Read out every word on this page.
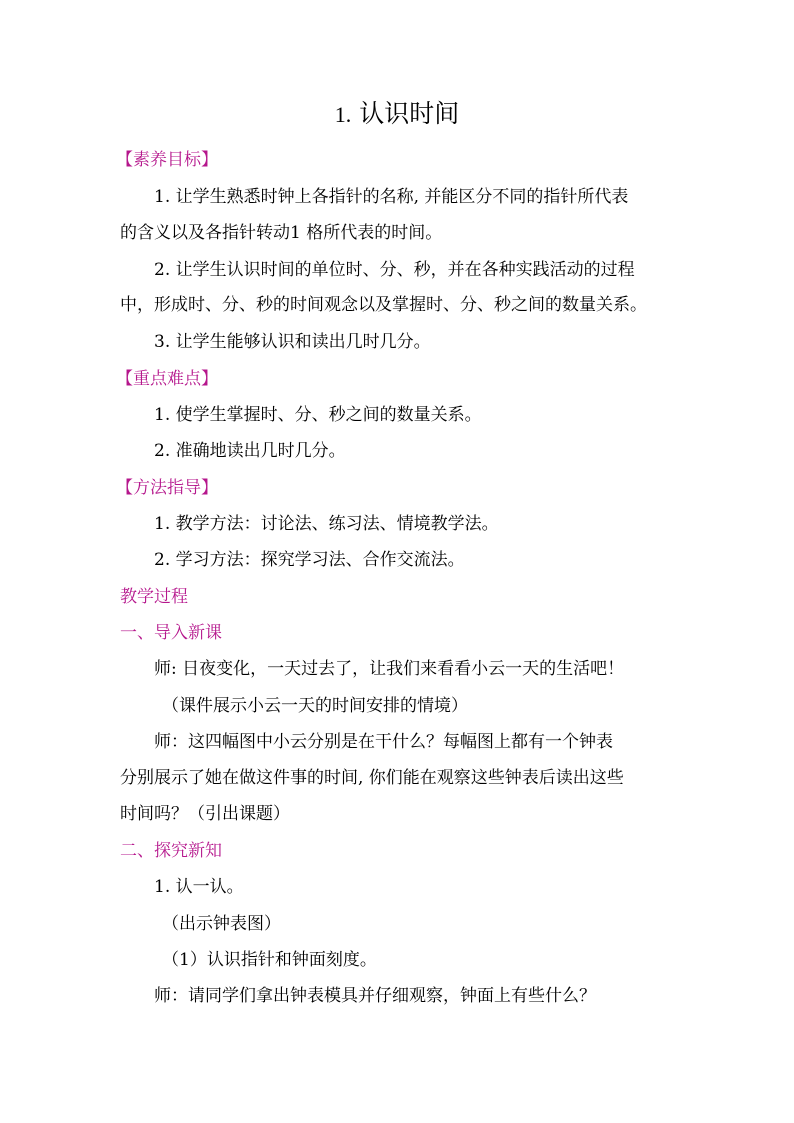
1. 认识时间
【素养目标】
1. 让学生熟悉时钟上各指针的名称, 并能区分不同的指针所代表
的含义以及各指针转动1 格所代表的时间。
2. 让学生认识时间的单位时、分、秒，并在各种实践活动的过程
中，形成时、分、秒的时间观念以及掌握时、分、秒之间的数量关系。
3. 让学生能够认识和读出几时几分。
【重点难点】
1. 使学生掌握时、分、秒之间的数量关系。
2. 准确地读出几时几分。
【方法指导】
1. 教学方法：讨论法、练习法、情境教学法。
2. 学习方法：探究学习法、合作交流法。
教学过程
一、导入新课
师: 日夜变化，一天过去了，让我们来看看小云一天的生活吧！
（课件展示小云一天的时间安排的情境）
师：这四幅图中小云分别是在干什么？每幅图上都有一个钟表
分别展示了她在做这件事的时间, 你们能在观察这些钟表后读出这些
时间吗？（引出课题）
二、探究新知
1. 认一认。
（出示钟表图）
（1）认识指针和钟面刻度。
师：请同学们拿出钟表模具并仔细观察，钟面上有些什么？
